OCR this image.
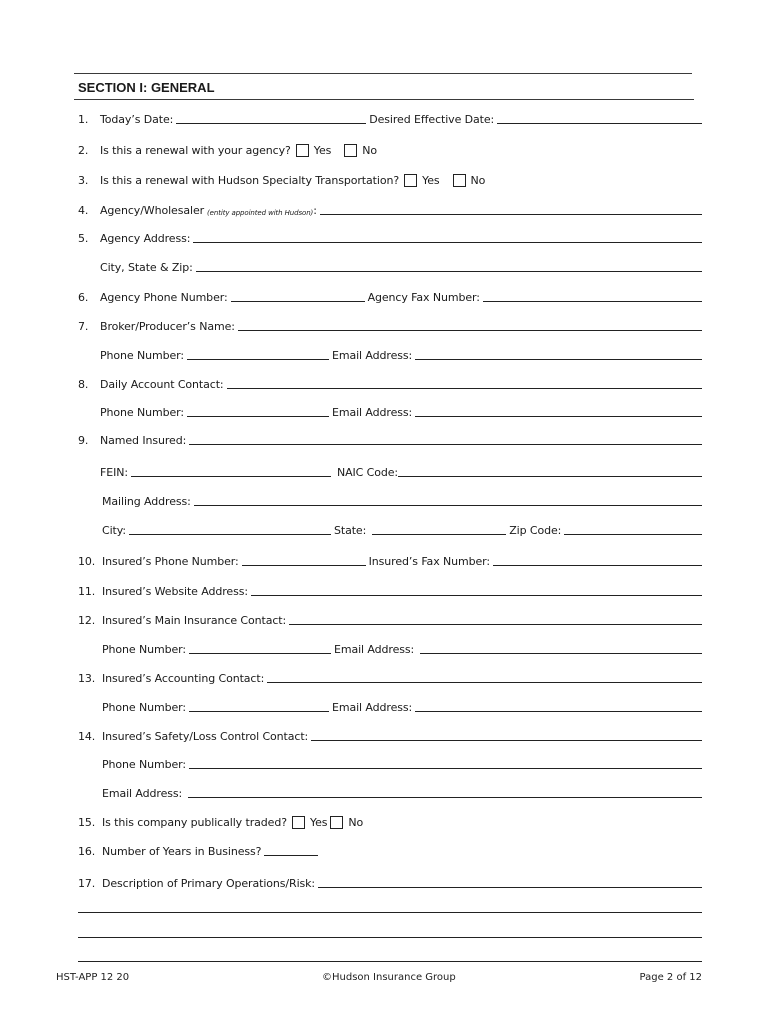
SECTION I: GENERAL
1.	Today’s Date:	Desired Effective Date:
2.	Is this a renewal with your agency? Yes	No
3.	Is this a renewal with Hudson Specialty Transportation? Yes	No
4.	Agency/Wholesaler (entity appointed with Hudson) :
5.	Agency Address:
City, State & Zip:
6.	Agency Phone Number:	Agency Fax Number:
7.	Broker/Producer’s Name:
Phone Number:	Email Address:
8.	Daily Account Contact:
Phone Number:	Email Address:
9.	Named Insured:
FEIN:	NAIC Code:
Mailing Address:
City:	State:	Zip Code:
10. Insured’s Phone Number:	Insured’s Fax Number:
11. Insured’s Website Address:
12. Insured’s Main Insurance Contact:
Phone Number:	Email Address:
13. Insured’s Accounting Contact:
Phone Number:	Email Address:
14. Insured’s Safety/Loss Control Contact:
Phone Number:
Email Address:
15. Is this company publically traded? Yes No
16. Number of Years in Business?
17. Description of Primary Operations/Risk:
HST-APP 12 20	©Hudson Insurance Group	Page 2 of 12
